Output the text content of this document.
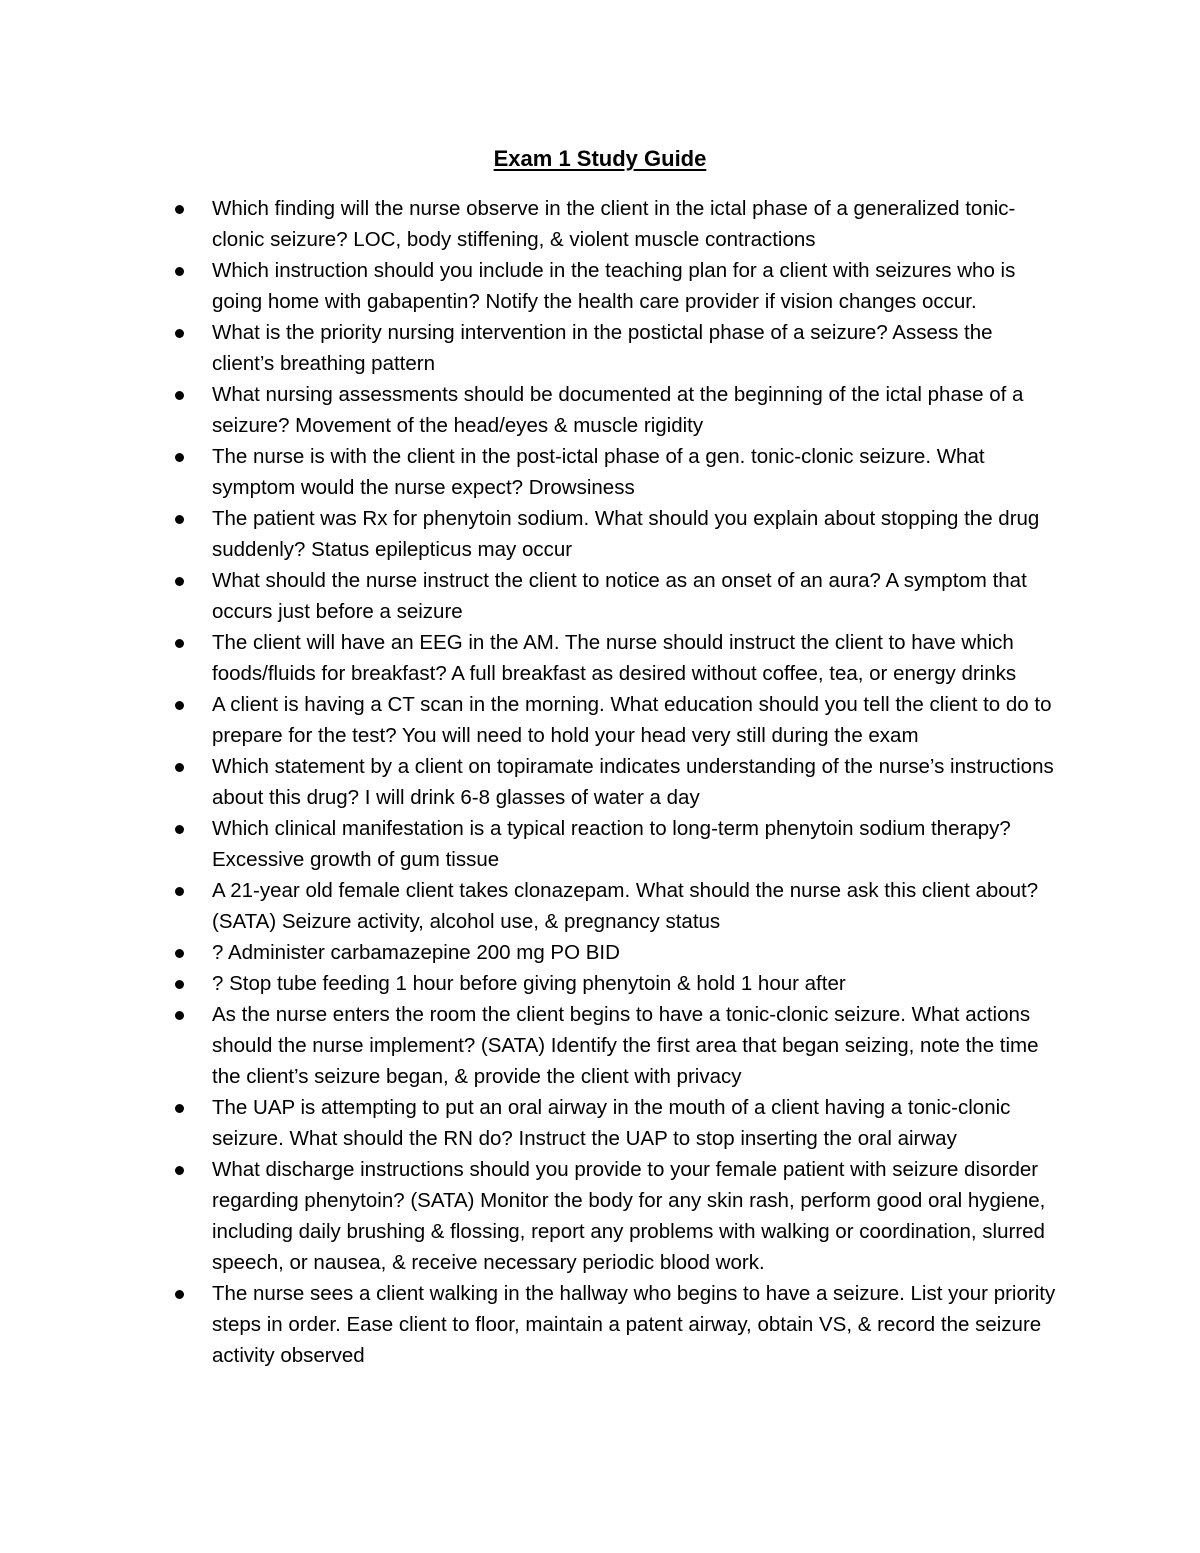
Exam 1 Study Guide
Which finding will the nurse observe in the client in the ictal phase of a generalized tonic-clonic seizure? LOC, body stiffening, & violent muscle contractions
Which instruction should you include in the teaching plan for a client with seizures who is going home with gabapentin? Notify the health care provider if vision changes occur.
What is the priority nursing intervention in the postictal phase of a seizure? Assess the client’s breathing pattern
What nursing assessments should be documented at the beginning of the ictal phase of a seizure? Movement of the head/eyes & muscle rigidity
The nurse is with the client in the post-ictal phase of a gen. tonic-clonic seizure. What symptom would the nurse expect? Drowsiness
The patient was Rx for phenytoin sodium. What should you explain about stopping the drug suddenly? Status epilepticus may occur
What should the nurse instruct the client to notice as an onset of an aura? A symptom that occurs just before a seizure
The client will have an EEG in the AM. The nurse should instruct the client to have which foods/fluids for breakfast? A full breakfast as desired without coffee, tea, or energy drinks
A client is having a CT scan in the morning. What education should you tell the client to do to prepare for the test? You will need to hold your head very still during the exam
Which statement by a client on topiramate indicates understanding of the nurse’s instructions about this drug? I will drink 6-8 glasses of water a day
Which clinical manifestation is a typical reaction to long-term phenytoin sodium therapy? Excessive growth of gum tissue
A 21-year old female client takes clonazepam. What should the nurse ask this client about? (SATA) Seizure activity, alcohol use, & pregnancy status
? Administer carbamazepine 200 mg PO BID
? Stop tube feeding 1 hour before giving phenytoin & hold 1 hour after
As the nurse enters the room the client begins to have a tonic-clonic seizure. What actions should the nurse implement? (SATA) Identify the first area that began seizing, note the time the client’s seizure began, & provide the client with privacy
The UAP is attempting to put an oral airway in the mouth of a client having a tonic-clonic seizure. What should the RN do? Instruct the UAP to stop inserting the oral airway
What discharge instructions should you provide to your female patient with seizure disorder regarding phenytoin? (SATA) Monitor the body for any skin rash, perform good oral hygiene, including daily brushing & flossing, report any problems with walking or coordination, slurred speech, or nausea, & receive necessary periodic blood work.
The nurse sees a client walking in the hallway who begins to have a seizure. List your priority steps in order. Ease client to floor, maintain a patent airway, obtain VS, & record the seizure activity observed
